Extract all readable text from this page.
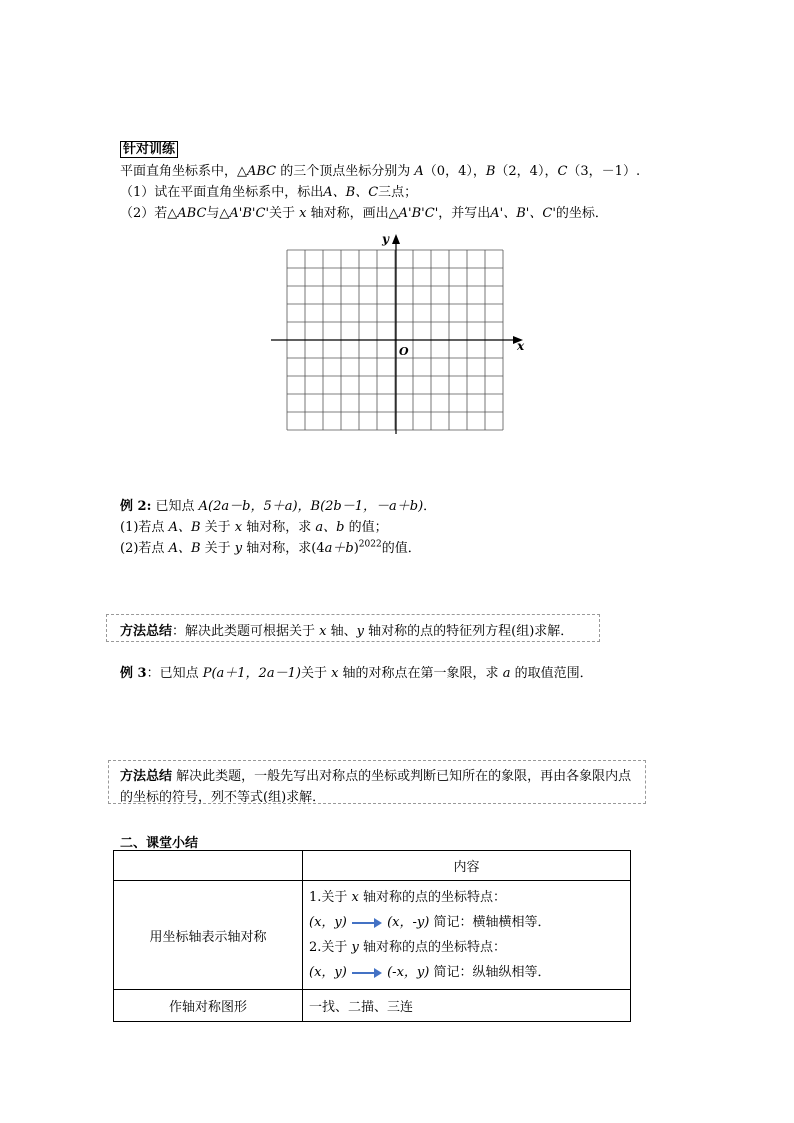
针对训练
平面直角坐标系中，△ABC 的三个顶点坐标分别为 A（0，4），B（2，4），C（3，－1）.
（1）试在平面直角坐标系中，标出A、B、C三点；
（2）若△ABC与△A'B'C'关于 x 轴对称，画出△A'B'C'，并写出A'、B'、C'的坐标．
y
x
O
例 2: 已知点 A(2a－b，5＋a)，B(2b－1，－a＋b)．
(1)若点 A、B 关于 x 轴对称，求 a、b 的值；
(2)若点 A、B 关于 y 轴对称，求$(4a+b)^{2022}$的值．
方法总结：解决此类题可根据关于 x 轴、y 轴对称的点的特征列方程(组)求解．
例 3：已知点 P(a＋1，2a－1)关于 x 轴的对称点在第一象限，求 a 的取值范围．
方法总结 解决此类题，一般先写出对称点的坐标或判断已知所在的象限，再由各象限内点
的坐标的符号，列不等式(组)求解．
二、课堂小结
	内容
用坐标轴表示轴对称	1.关于 x 轴对称的点的坐标特点：
(x，y) (x，-y) 简记：横轴横相等．
2.关于 y 轴对称的点的坐标特点：
(x，y) (-x，y) 简记：纵轴纵相等．

作轴对称图形	一找、二描、三连
